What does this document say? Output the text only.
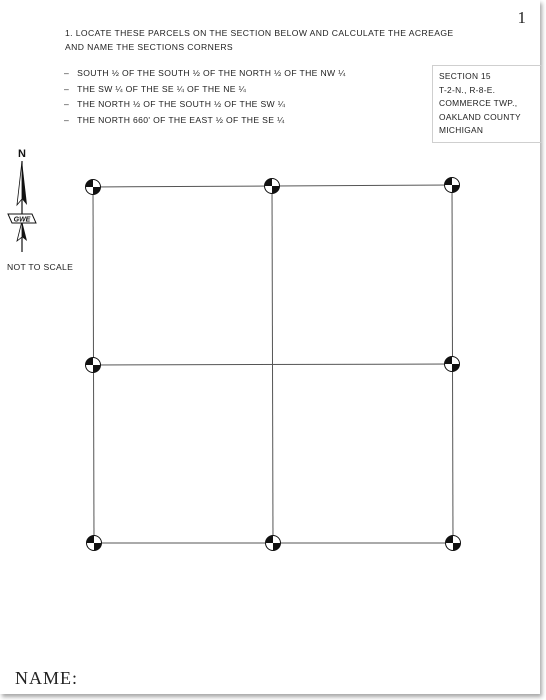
1
1. LOCATE THESE PARCELS ON THE SECTION BELOW AND CALCULATE THE ACREAGE
AND NAME THE SECTIONS CORNERS
– SOUTH ½ OF THE SOUTH ½ OF THE NORTH ½ OF THE NW ¼
– THE SW ¼ OF THE SE ¼ OF THE NE ¼
– THE NORTH ½ OF THE SOUTH ½ OF THE SW ¼
– THE NORTH 660' OF THE EAST ½ OF THE SE ¼
SECTION 15
T-2-N., R-8-E.
COMMERCE TWP.,
OAKLAND COUNTY
MICHIGAN
N
GWE
NOT TO SCALE
NAME:
